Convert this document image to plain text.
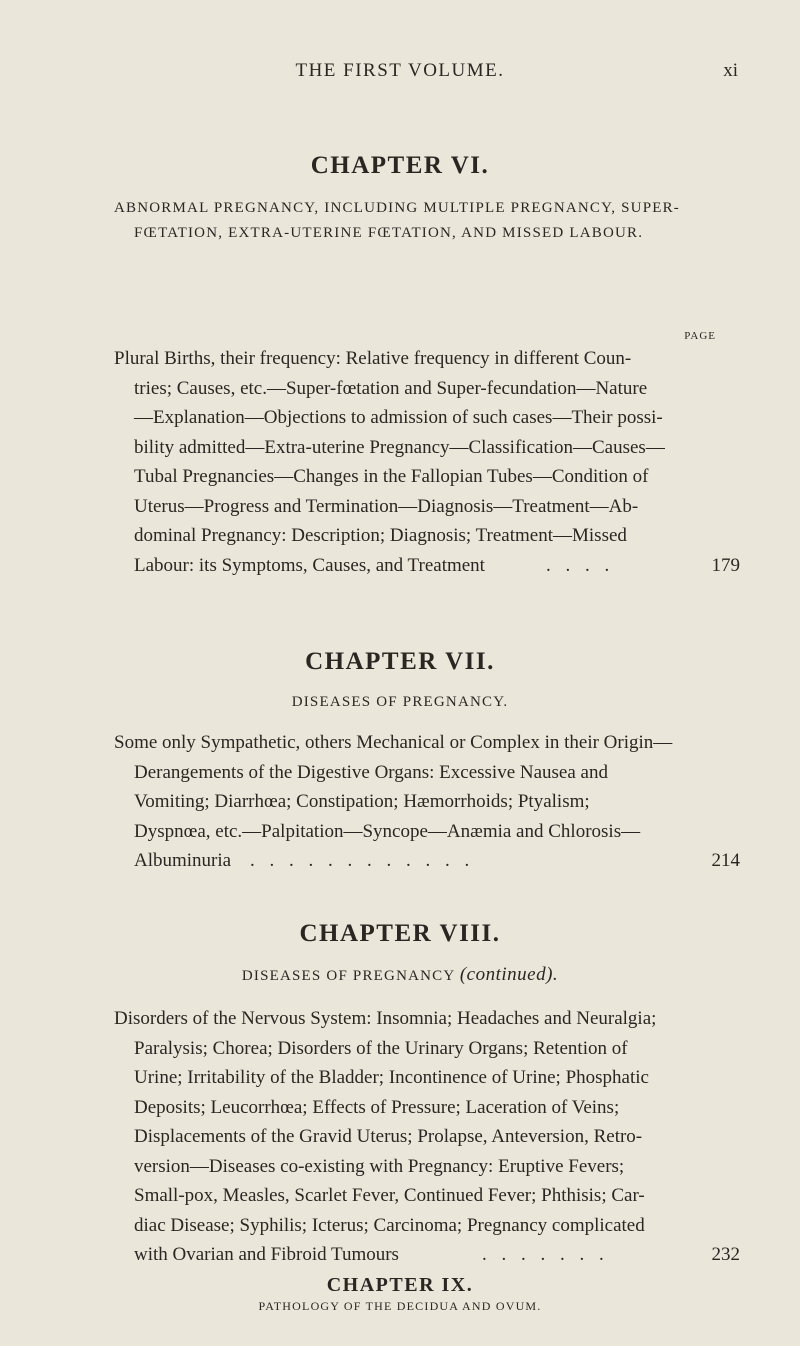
THE FIRST VOLUME.	xi
CHAPTER VI.

ABNORMAL PREGNANCY, INCLUDING MULTIPLE PREGNANCY, SUPER-

FŒTATION, EXTRA-UTERINE FŒTATION, AND MISSED LABOUR.

PAGE
Plural Births, their frequency: Relative frequency in different Coun-
tries; Causes, etc.—Super-fœtation and Super-fecundation—Nature
—Explanation—Objections to admission of such cases—Their possi-
bility admitted—Extra-uterine Pregnancy—Classification—Causes—
Tubal Pregnancies—Changes in the Fallopian Tubes—Condition of
Uterus—Progress and Termination—Diagnosis—Treatment—Ab-
dominal Pregnancy: Description; Diagnosis; Treatment—Missed
Labour: its Symptoms, Causes, and Treatment	. . . .	179
CHAPTER VII.

DISEASES OF PREGNANCY.

Some only Sympathetic, others Mechanical or Complex in their Origin—
Derangements of the Digestive Organs: Excessive Nausea and
Vomiting; Diarrhœa; Constipation; Hæmorrhoids; Ptyalism;
Dyspnœa, etc.—Palpitation—Syncope—Anæmia and Chlorosis—
Albuminuria . . . . . . . . . . . .	214
CHAPTER VIII.

DISEASES OF PREGNANCY (continued).

Disorders of the Nervous System: Insomnia; Headaches and Neuralgia;
Paralysis; Chorea; Disorders of the Urinary Organs; Retention of
Urine; Irritability of the Bladder; Incontinence of Urine; Phosphatic
Deposits; Leucorrhœa; Effects of Pressure; Laceration of Veins;
Displacements of the Gravid Uterus; Prolapse, Anteversion, Retro-
version—Diseases co-existing with Pregnancy: Eruptive Fevers;
Small-pox, Measles, Scarlet Fever, Continued Fever; Phthisis; Car-
diac Disease; Syphilis; Icterus; Carcinoma; Pregnancy complicated
with Ovarian and Fibroid Tumours	. . . . . . .	232
CHAPTER IX.

PATHOLOGY OF THE DECIDUA AND OVUM.
